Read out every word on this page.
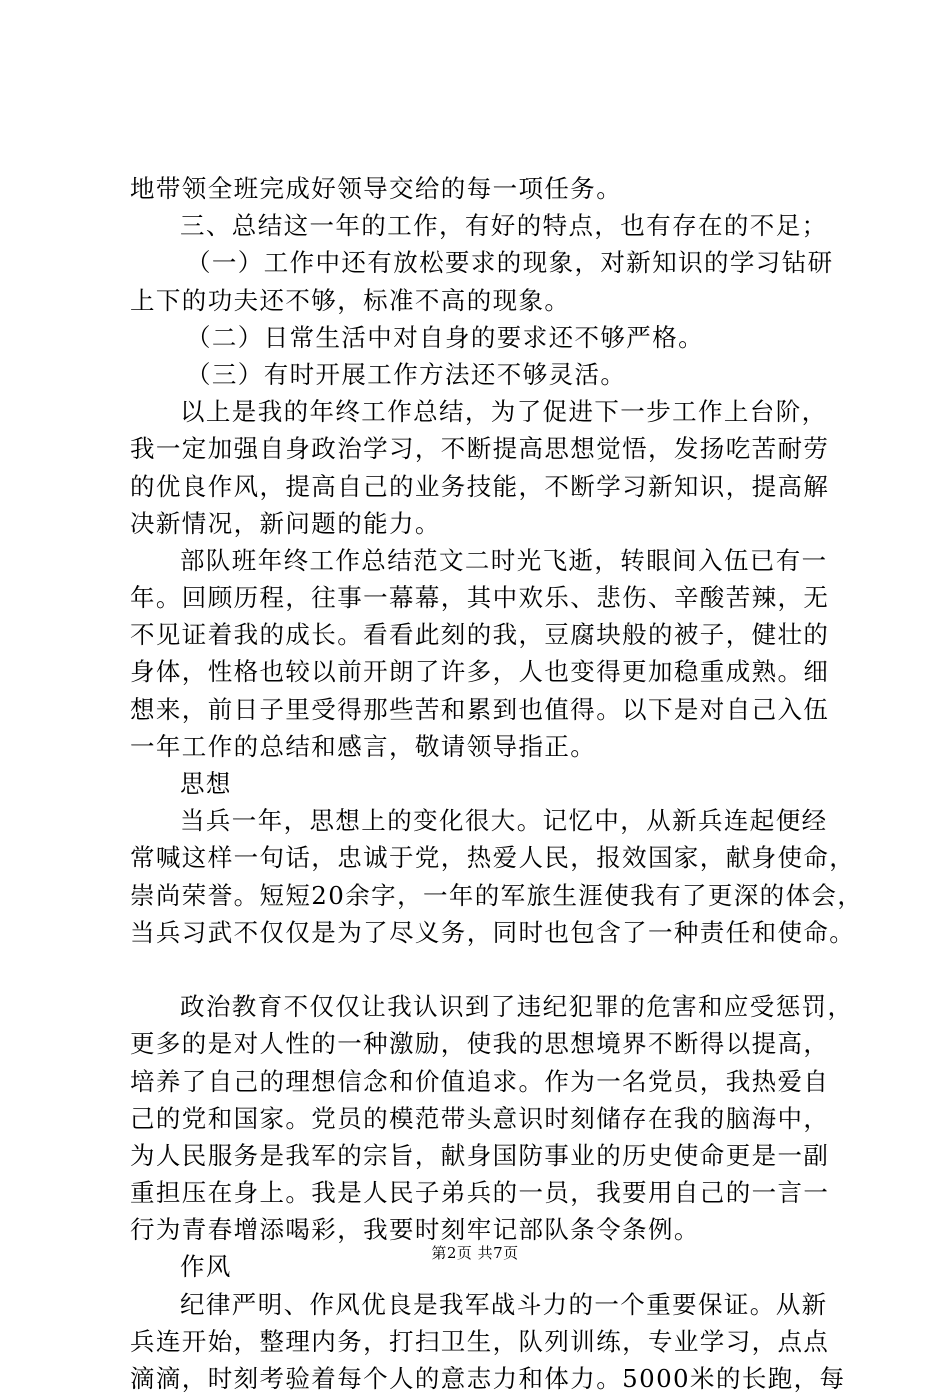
地带领全班完成好领导交给的每一项任务。
三、总结这一年的工作，有好的特点，也有存在的不足；
（一）工作中还有放松要求的现象，对新知识的学习钻研
上下的功夫还不够，标准不高的现象。
（二）日常生活中对自身的要求还不够严格。
（三）有时开展工作方法还不够灵活。
以上是我的年终工作总结，为了促进下一步工作上台阶，
我一定加强自身政治学习，不断提高思想觉悟，发扬吃苦耐劳
的优良作风，提高自己的业务技能，不断学习新知识，提高解
决新情况，新问题的能力。
部队班年终工作总结范文二时光飞逝，转眼间入伍已有一
年。回顾历程，往事一幕幕，其中欢乐、悲伤、辛酸苦辣，无
不见证着我的成长。看看此刻的我，豆腐块般的被子，健壮的
身体，性格也较以前开朗了许多，人也变得更加稳重成熟。细
想来，前日子里受得那些苦和累到也值得。以下是对自己入伍
一年工作的总结和感言，敬请领导指正。
思想
当兵一年，思想上的变化很大。记忆中，从新兵连起便经
常喊这样一句话，忠诚于党，热爱人民，报效国家，献身使命，
崇尚荣誉。短短20余字，一年的军旅生涯使我有了更深的体会，
当兵习武不仅仅是为了尽义务，同时也包含了一种责任和使命。
政治教育不仅仅让我认识到了违纪犯罪的危害和应受惩罚，
更多的是对人性的一种激励，使我的思想境界不断得以提高，
培养了自己的理想信念和价值追求。作为一名党员，我热爱自
己的党和国家。党员的模范带头意识时刻储存在我的脑海中，
为人民服务是我军的宗旨，献身国防事业的历史使命更是一副
重担压在身上。我是人民子弟兵的一员，我要用自己的一言一
行为青春增添喝彩，我要时刻牢记部队条令条例。
作风
纪律严明、作风优良是我军战斗力的一个重要保证。从新
兵连开始，整理内务，打扫卫生，队列训练，专业学习，点点
滴滴，时刻考验着每个人的意志力和体力。5000米的长跑，每
第2页 共7页
